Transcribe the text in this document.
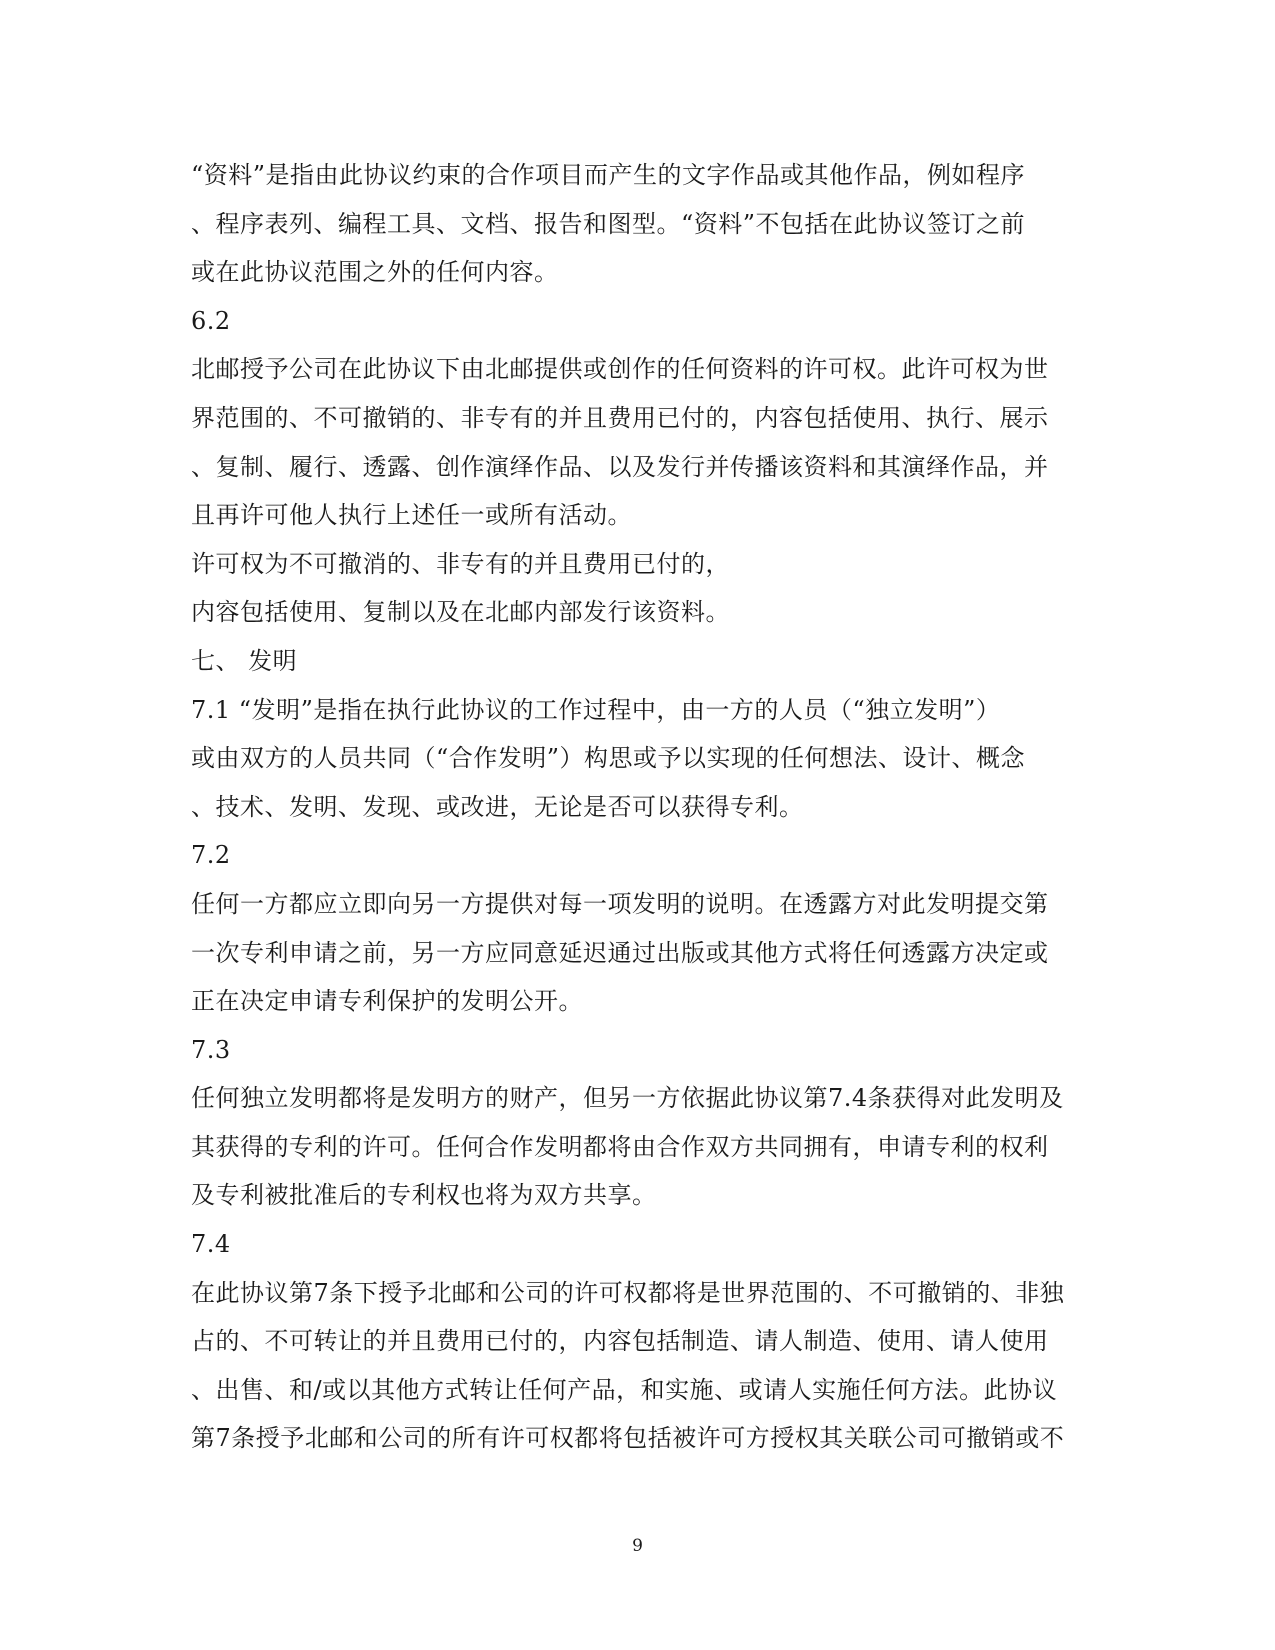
“资料”是指由此协议约束的合作项目而产生的文字作品或其他作品，例如程序
、程序表列、编程工具、文档、报告和图型。“资料”不包括在此协议签订之前
或在此协议范围之外的任何内容。
6.2
北邮授予公司在此协议下由北邮提供或创作的任何资料的许可权。此许可权为世
界范围的、不可撤销的、非专有的并且费用已付的，内容包括使用、执行、展示
、复制、履行、透露、创作演绎作品、以及发行并传播该资料和其演绎作品，并
且再许可他人执行上述任一或所有活动。
许可权为不可撤消的、非专有的并且费用已付的，
内容包括使用、复制以及在北邮内部发行该资料。
七、 发明
7.1 “发明”是指在执行此协议的工作过程中，由一方的人员（“独立发明”）
或由双方的人员共同（“合作发明”）构思或予以实现的任何想法、设计、概念
、技术、发明、发现、或改进，无论是否可以获得专利。
7.2
任何一方都应立即向另一方提供对每一项发明的说明。在透露方对此发明提交第
一次专利申请之前，另一方应同意延迟通过出版或其他方式将任何透露方决定或
正在决定申请专利保护的发明公开。
7.3
任何独立发明都将是发明方的财产，但另一方依据此协议第7.4条获得对此发明及
其获得的专利的许可。任何合作发明都将由合作双方共同拥有，申请专利的权利
及专利被批准后的专利权也将为双方共享。
7.4
在此协议第7条下授予北邮和公司的许可权都将是世界范围的、不可撤销的、非独
占的、不可转让的并且费用已付的，内容包括制造、请人制造、使用、请人使用
、出售、和/或以其他方式转让任何产品，和实施、或请人实施任何方法。此协议
第7条授予北邮和公司的所有许可权都将包括被许可方授权其关联公司可撤销或不
9
